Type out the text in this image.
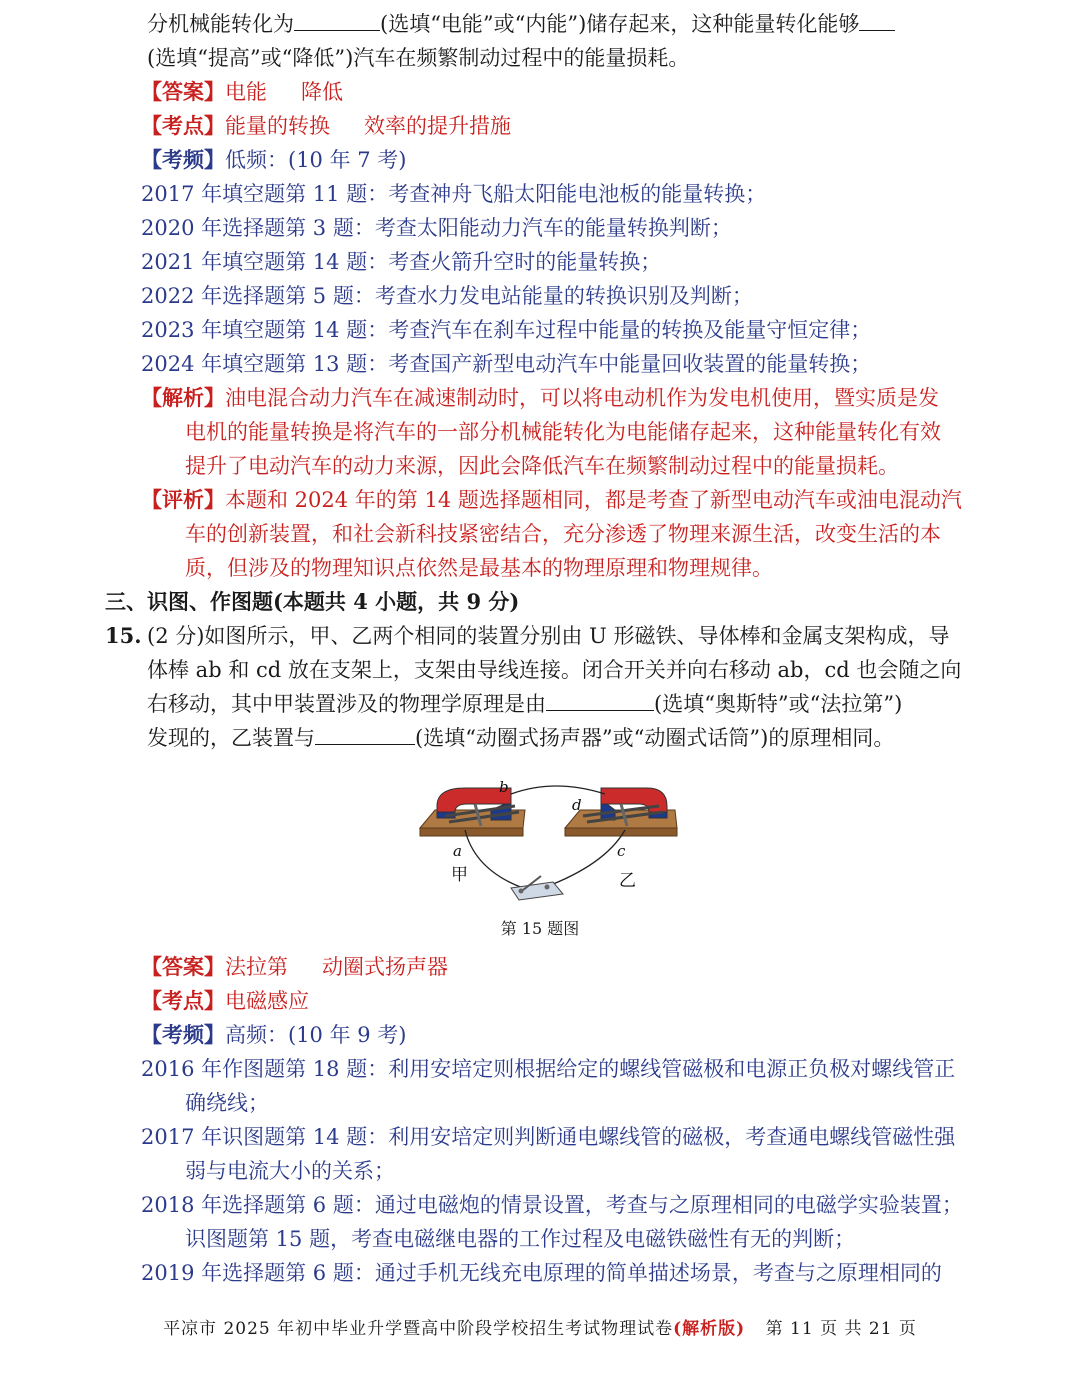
分机械能转化为	(选填“电能”或“内能”)储存起来，这种能量转化能够
(选填“提高”或“降低”)汽车在频繁制动过程中的能量损耗。
【答案】电能 降低
【考点】能量的转换 效率的提升措施
【考频】低频：(10 年 7 考)
2017 年填空题第 11 题：考查神舟飞船太阳能电池板的能量转换；
2020 年选择题第 3 题：考查太阳能动力汽车的能量转换判断；
2021 年填空题第 14 题：考查火箭升空时的能量转换；
2022 年选择题第 5 题：考查水力发电站能量的转换识别及判断；
2023 年填空题第 14 题：考查汽车在刹车过程中能量的转换及能量守恒定律；
2024 年填空题第 13 题：考查国产新型电动汽车中能量回收装置的能量转换；
【解析】油电混合动力汽车在减速制动时，可以将电动机作为发电机使用，暨实质是发
电机的能量转换是将汽车的一部分机械能转化为电能储存起来，这种能量转化有效
提升了电动汽车的动力来源，因此会降低汽车在频繁制动过程中的能量损耗。
【评析】本题和 2024 年的第 14 题选择题相同，都是考查了新型电动汽车或油电混动汽
车的创新装置，和社会新科技紧密结合，充分渗透了物理来源生活，改变生活的本
质，但涉及的物理知识点依然是最基本的物理原理和物理规律。
三、识图、作图题(本题共 4 小题，共 9 分)
15. (2 分)如图所示，甲、乙两个相同的装置分别由 U 形磁铁、导体棒和金属支架构成，导
体棒 ab 和 cd 放在支架上，支架由导线连接。闭合开关并向右移动 ab，cd 也会随之向
右移动，其中甲装置涉及的物理学原理是由	(选填“奥斯特”或“法拉第”)
发现的，乙装置与	(选填“动圈式扬声器”或“动圈式话筒”)的原理相同。
b
d
a	c
甲	乙
第 15 题图
【答案】法拉第 动圈式扬声器
【考点】电磁感应
【考频】高频：(10 年 9 考)
2016 年作图题第 18 题：利用安培定则根据给定的螺线管磁极和电源正负极对螺线管正
确绕线；
2017 年识图题第 14 题：利用安培定则判断通电螺线管的磁极，考查通电螺线管磁性强
弱与电流大小的关系；
2018 年选择题第 6 题：通过电磁炮的情景设置，考查与之原理相同的电磁学实验装置；
识图题第 15 题，考查电磁继电器的工作过程及电磁铁磁性有无的判断；
2019 年选择题第 6 题：通过手机无线充电原理的简单描述场景，考查与之原理相同的
平凉市 2025 年初中毕业升学暨高中阶段学校招生考试物理试卷(解析版) 第 11 页 共 21 页
